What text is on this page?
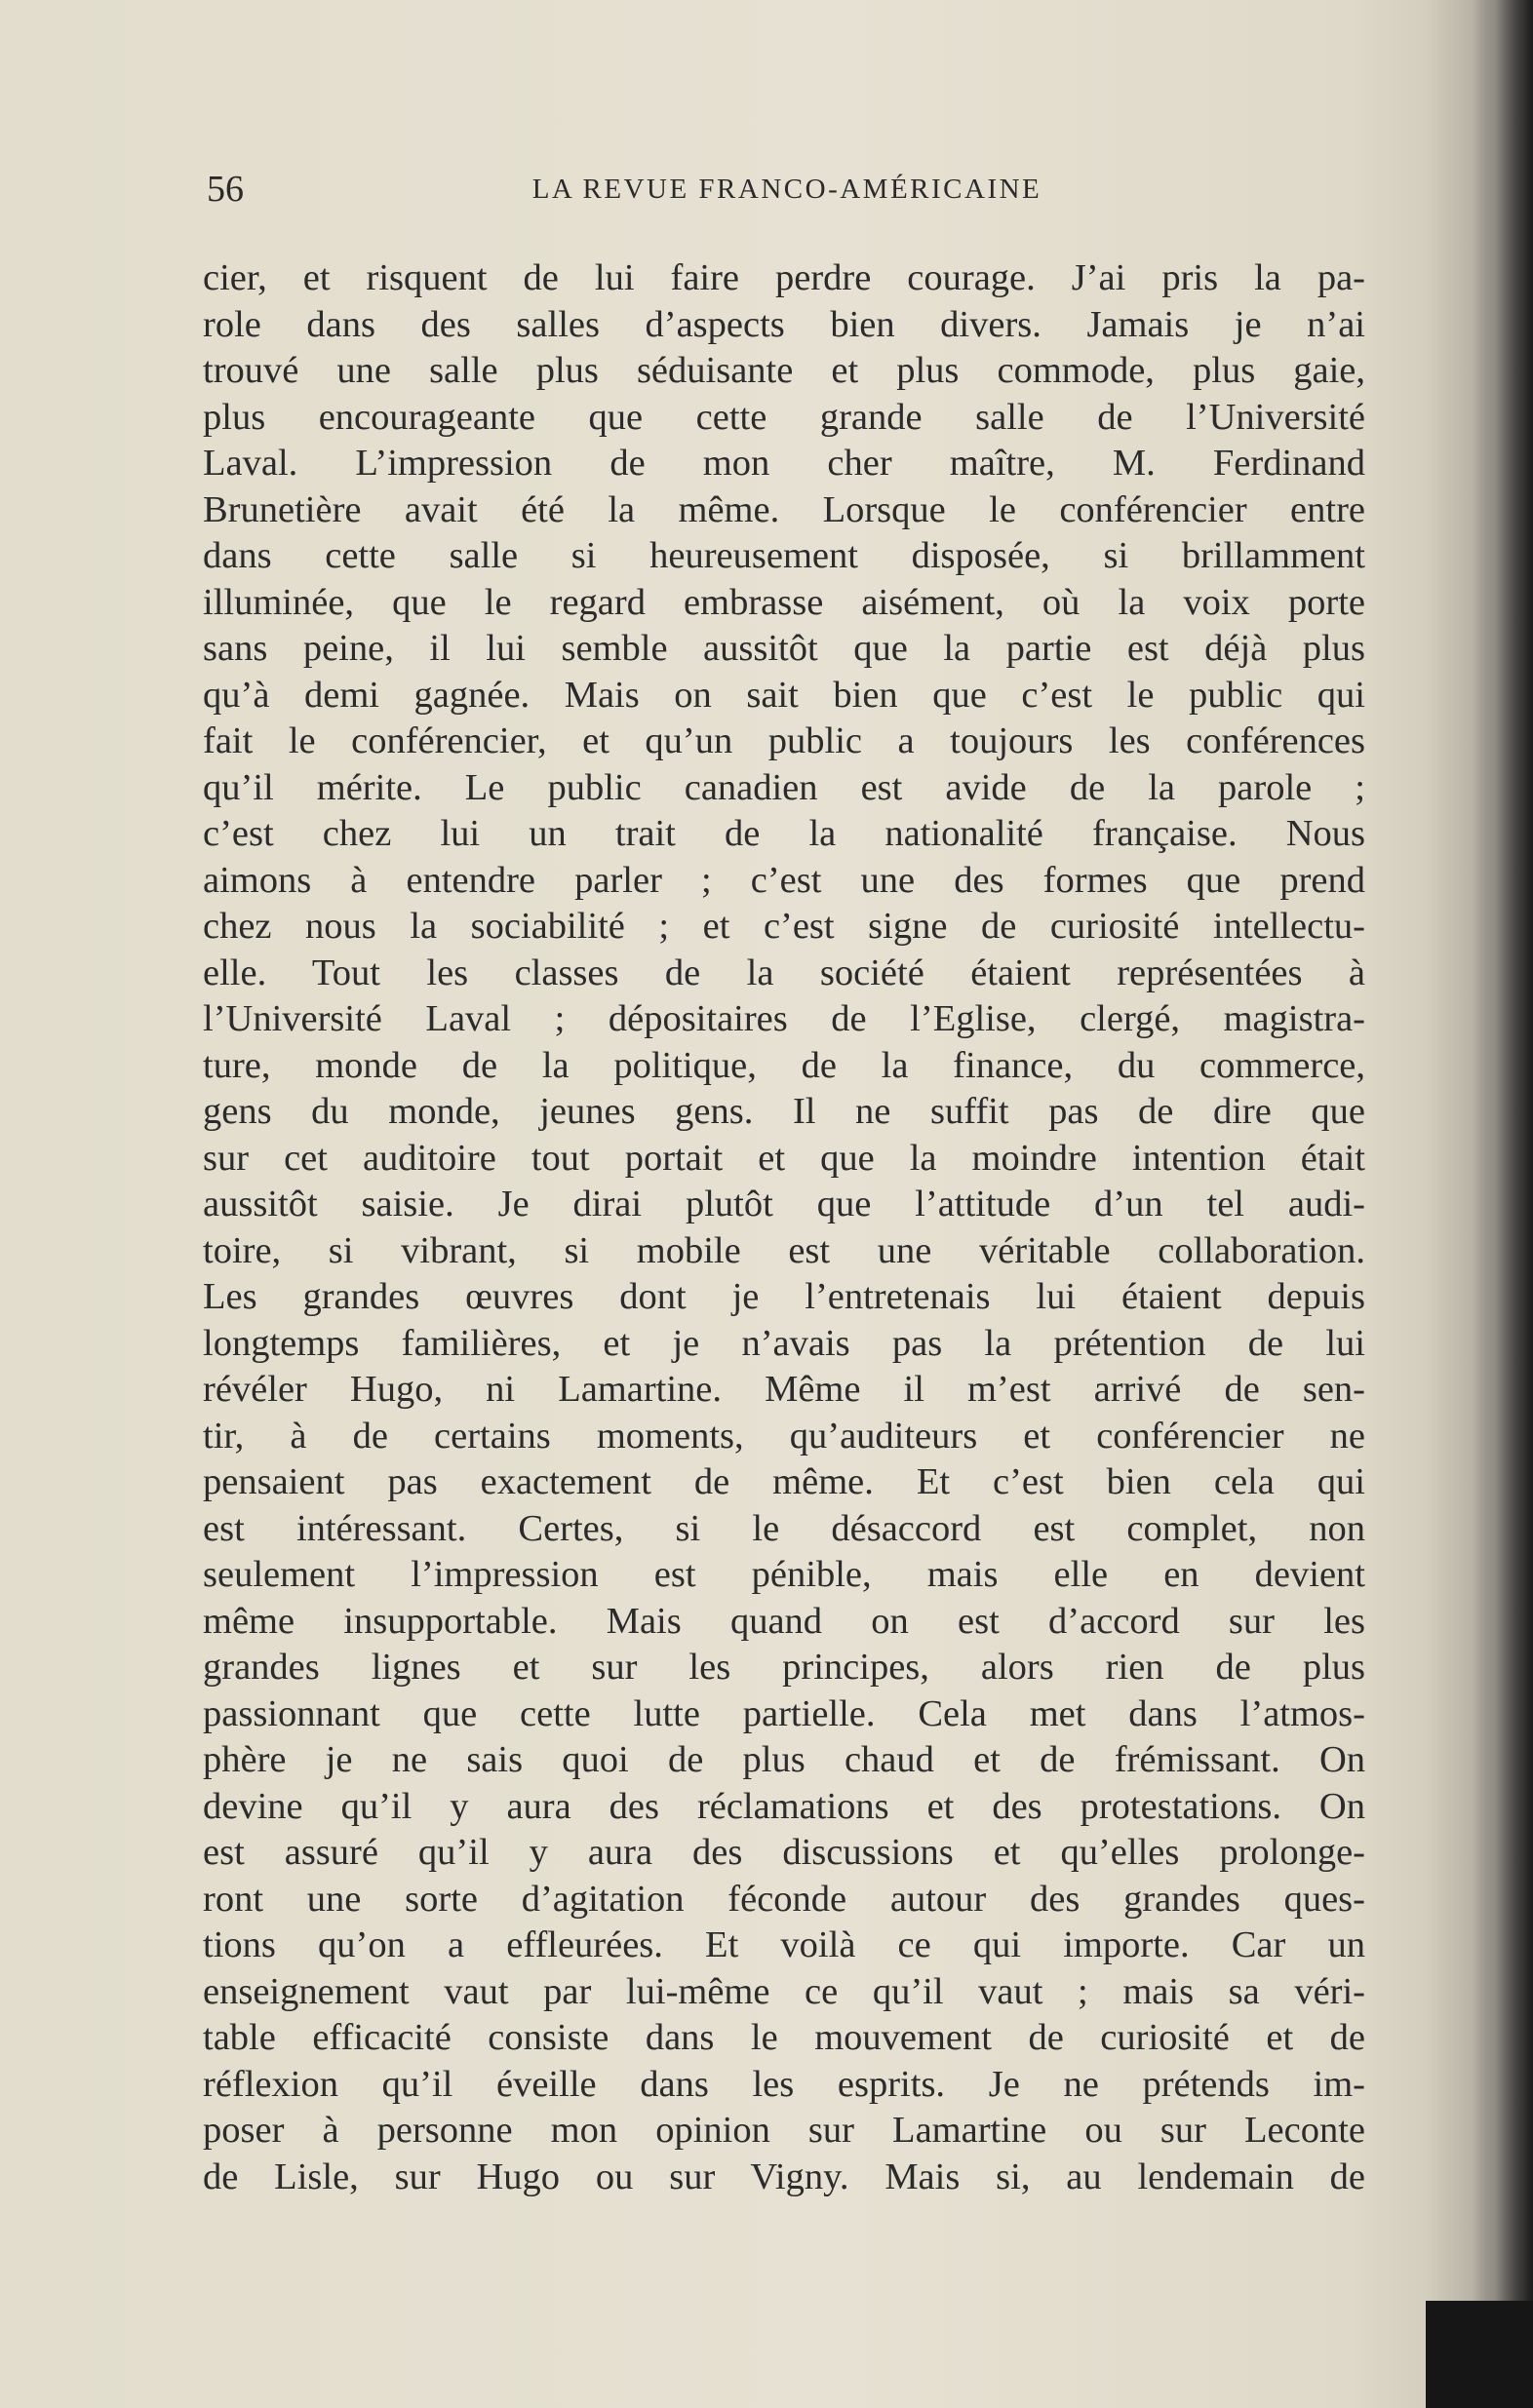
56	LA REVUE FRANCO-AMÉRICAINE
cier, et risquent de lui faire perdre courage. J’ai pris la pa-
role dans des salles d’aspects bien divers. Jamais je n’ai
trouvé une salle plus séduisante et plus commode, plus gaie,
plus encourageante que cette grande salle de l’Université
Laval. L’impression de mon cher maître, M. Ferdinand
Brunetière avait été la même. Lorsque le conférencier entre
dans cette salle si heureusement disposée, si brillamment
illuminée, que le regard embrasse aisément, où la voix porte
sans peine, il lui semble aussitôt que la partie est déjà plus
qu’à demi gagnée. Mais on sait bien que c’est le public qui
fait le conférencier, et qu’un public a toujours les conférences
qu’il mérite. Le public canadien est avide de la parole ;
c’est chez lui un trait de la nationalité française. Nous
aimons à entendre parler ; c’est une des formes que prend
chez nous la sociabilité ; et c’est signe de curiosité intellectu-
elle. Tout les classes de la société étaient représentées à
l’Université Laval ; dépositaires de l’Eglise, clergé, magistra-
ture, monde de la politique, de la finance, du commerce,
gens du monde, jeunes gens. Il ne suffit pas de dire que
sur cet auditoire tout portait et que la moindre intention était
aussitôt saisie. Je dirai plutôt que l’attitude d’un tel audi-
toire, si vibrant, si mobile est une véritable collaboration.
Les grandes œuvres dont je l’entretenais lui étaient depuis
longtemps familières, et je n’avais pas la prétention de lui
révéler Hugo, ni Lamartine. Même il m’est arrivé de sen-
tir, à de certains moments, qu’auditeurs et conférencier ne
pensaient pas exactement de même. Et c’est bien cela qui
est intéressant. Certes, si le désaccord est complet, non
seulement l’impression est pénible, mais elle en devient
même insupportable. Mais quand on est d’accord sur les
grandes lignes et sur les principes, alors rien de plus
passionnant que cette lutte partielle. Cela met dans l’atmos-
phère je ne sais quoi de plus chaud et de frémissant. On
devine qu’il y aura des réclamations et des protestations. On
est assuré qu’il y aura des discussions et qu’elles prolonge-
ront une sorte d’agitation féconde autour des grandes ques-
tions qu’on a effleurées. Et voilà ce qui importe. Car un
enseignement vaut par lui-même ce qu’il vaut ; mais sa véri-
table efficacité consiste dans le mouvement de curiosité et de
réflexion qu’il éveille dans les esprits. Je ne prétends im-
poser à personne mon opinion sur Lamartine ou sur Leconte
de Lisle, sur Hugo ou sur Vigny. Mais si, au lendemain de
